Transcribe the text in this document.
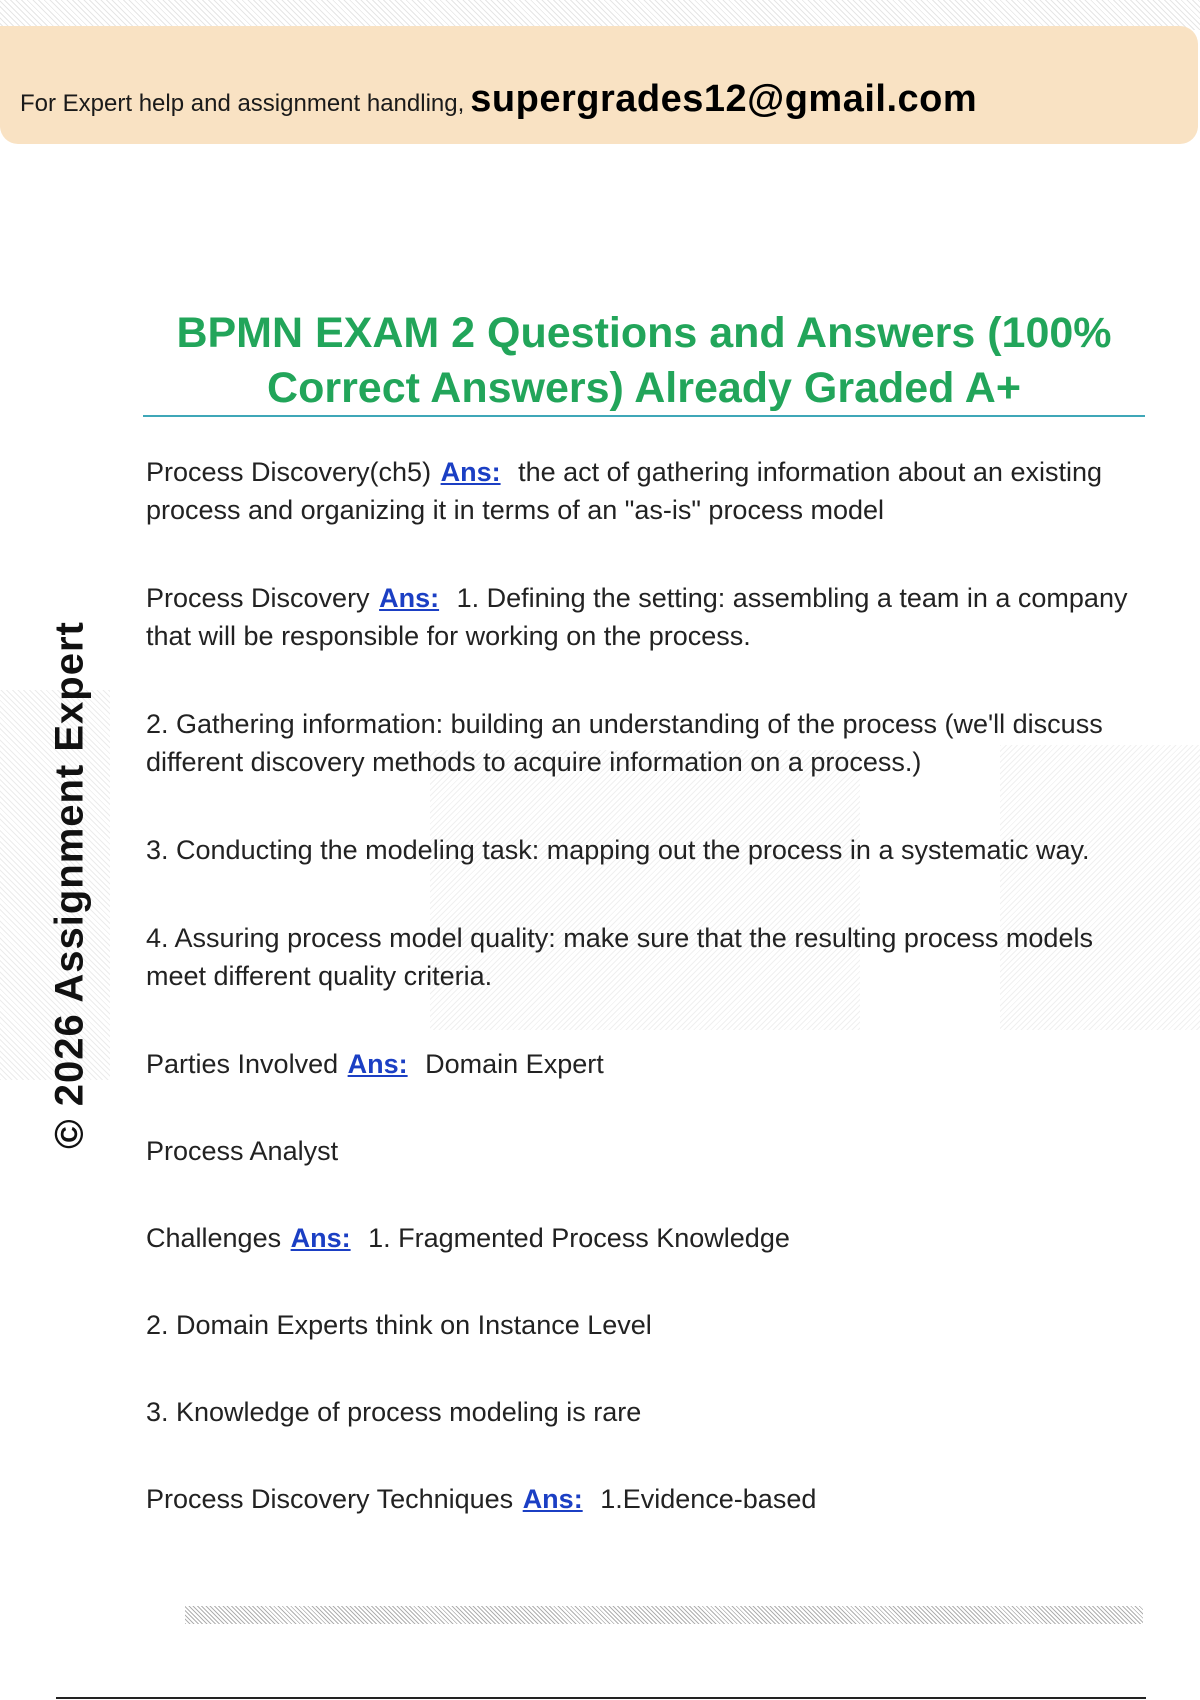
For Expert help and assignment handling, supergrades12@gmail.com
© 2026 Assignment Expert

BPMN EXAM 2 Questions and Answers (100%

Correct Answers) Already Graded A+

Process Discovery(ch5) Ans: the act of gathering information about an existing process and organizing it in terms of an "as-is" process model

Process Discovery Ans: 1. Defining the setting: assembling a team in a company that will be responsible for working on the process.

2. Gathering information: building an understanding of the process (we'll discuss different discovery methods to acquire information on a process.)

3. Conducting the modeling task: mapping out the process in a systematic way.

4. Assuring process model quality: make sure that the resulting process models meet different quality criteria.

Parties Involved Ans: Domain Expert

Process Analyst

Challenges Ans: 1. Fragmented Process Knowledge

2. Domain Experts think on Instance Level

3. Knowledge of process modeling is rare

Process Discovery Techniques Ans: 1.Evidence-based
